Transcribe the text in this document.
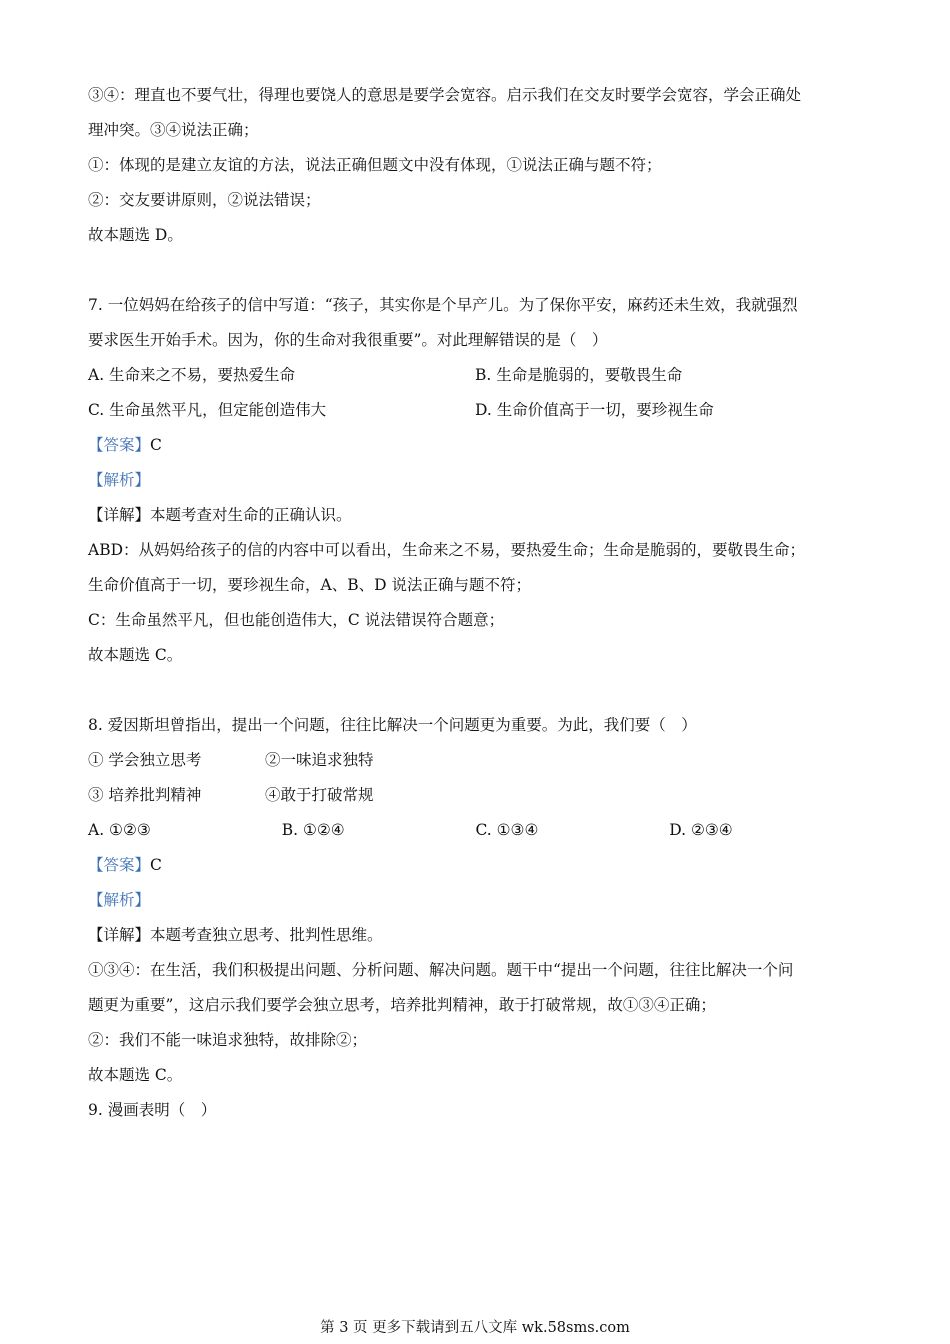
③④：理直也不要气壮，得理也要饶人的意思是要学会宽容。启示我们在交友时要学会宽容，学会正确处
理冲突。③④说法正确；
①：体现的是建立友谊的方法，说法正确但题文中没有体现，①说法正确与题不符；
②：交友要讲原则，②说法错误；
故本题选 D。
7. 一位妈妈在给孩子的信中写道：“孩子，其实你是个早产儿。为了保你平安，麻药还未生效，我就强烈
要求医生开始手术。因为，你的生命对我很重要”。对此理解错误的是（　）
A. 生命来之不易，要热爱生命	B. 生命是脆弱的，要敬畏生命
C. 生命虽然平凡，但定能创造伟大	D. 生命价值高于一切，要珍视生命
【答案】C
【解析】
【详解】本题考查对生命的正确认识。
ABD：从妈妈给孩子的信的内容中可以看出，生命来之不易，要热爱生命；生命是脆弱的，要敬畏生命；
生命价值高于一切，要珍视生命，A、B、D 说法正确与题不符；
C：生命虽然平凡，但也能创造伟大，C 说法错误符合题意；
故本题选 C。
8. 爱因斯坦曾指出，提出一个问题，往往比解决一个问题更为重要。为此，我们要（　）
① 学会独立思考	②一味追求独特
③ 培养批判精神	④敢于打破常规
A. ①②③	B. ①②④	C. ①③④	D. ②③④
【答案】C
【解析】
【详解】本题考查独立思考、批判性思维。
①③④：在生活，我们积极提出问题、分析问题、解决问题。题干中“提出一个问题，往往比解决一个问
题更为重要”，这启示我们要学会独立思考，培养批判精神，敢于打破常规，故①③④正确；
②：我们不能一味追求独特，故排除②；
故本题选 C。
9. 漫画表明（　）
第 3 页 更多下载请到五八文库 wk.58sms.com
